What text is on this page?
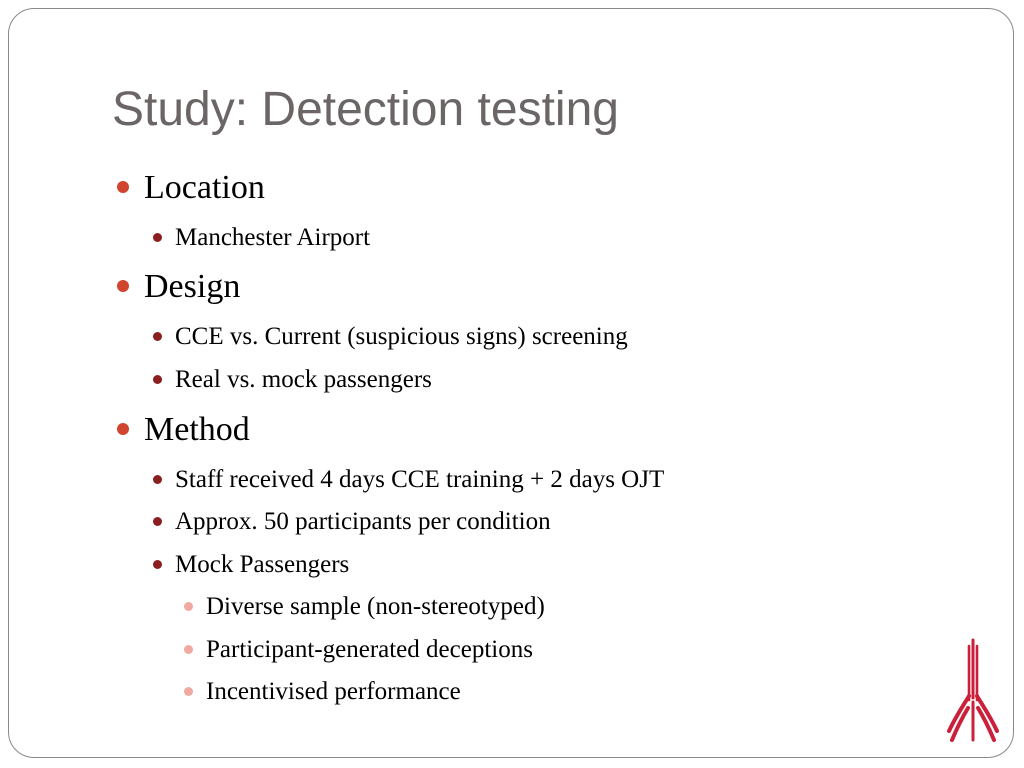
Study: Detection testing
Location
Manchester Airport
Design
CCE vs. Current (suspicious signs) screening
Real vs. mock passengers
Method
Staff received 4 days CCE training + 2 days OJT
Approx. 50 participants per condition
Mock Passengers
Diverse sample (non-stereotyped)
Participant-generated deceptions
Incentivised performance
